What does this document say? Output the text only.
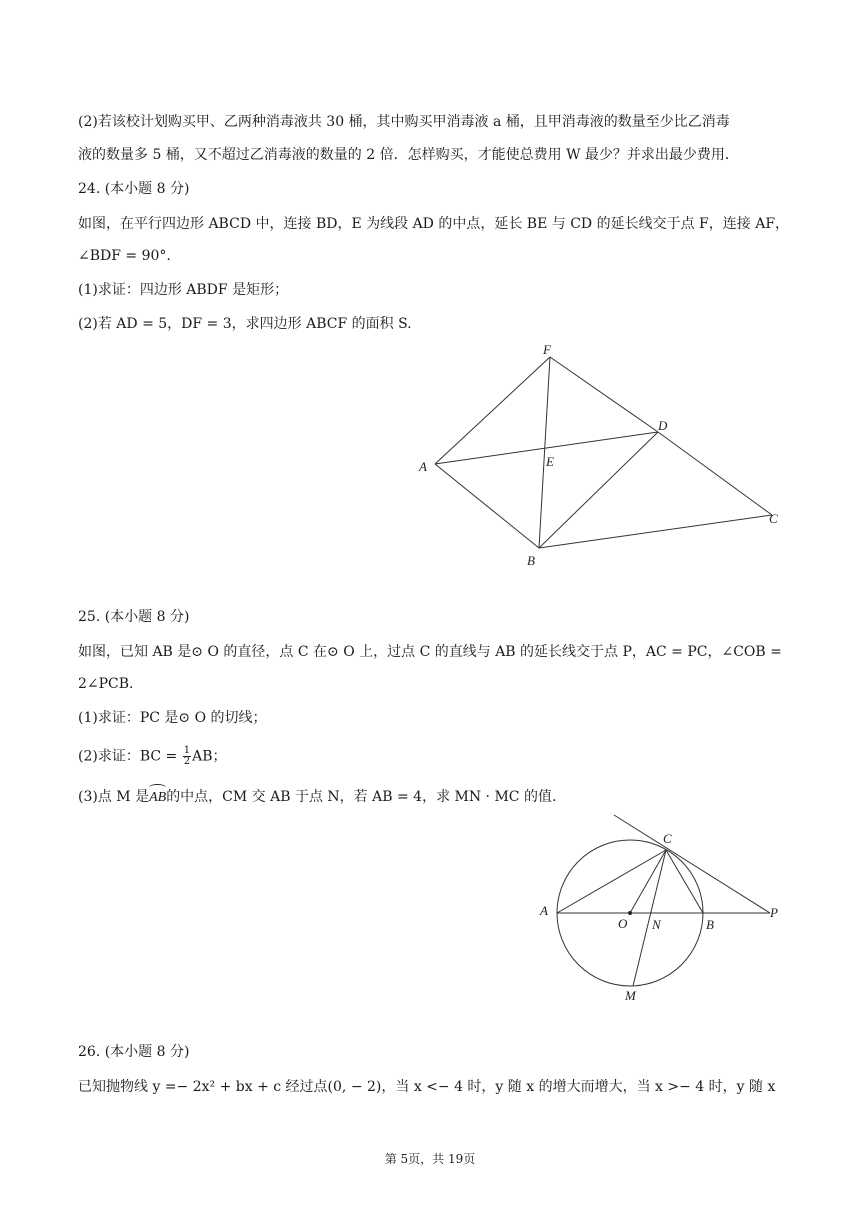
(2)若该校计划购买甲、乙两种消毒液共 30 桶，其中购买甲消毒液 a 桶，且甲消毒液的数量至少比乙消毒
液的数量多 5 桶，又不超过乙消毒液的数量的 2 倍．怎样购买，才能使总费用 W 最少？并求出最少费用．
24. (本小题 8 分)
如图，在平行四边形 ABCD 中，连接 BD，E 为线段 AD 的中点，延长 BE 与 CD 的延长线交于点 F，连接 AF，
∠BDF = 90°.
(1)求证：四边形 ABDF 是矩形；
(2)若 AD = 5，DF = 3，求四边形 ABCF 的面积 S.
F
D
A	E
C
B
25. (本小题 8 分)
如图，已知 AB 是⊙ O 的直径，点 C 在⊙ O 上，过点 C 的直线与 AB 的延长线交于点 P，AC = PC，∠COB =
2∠PCB.
(1)求证：PC 是⊙ O 的切线；
(2)求证：BC = $\frac{1}{2}$ AB；
(3)点 M 是AB的中点，CM 交 AB 于点 N，若 AB = 4，求 MN · MC 的值.
C
A
O N	B
P
M
26. (本小题 8 分)
已知抛物线 y =− 2x² + bx + c 经过点(0, − 2)，当 x <− 4 时，y 随 x 的增大而增大，当 x >− 4 时，y 随 x
第 5页，共 19页
